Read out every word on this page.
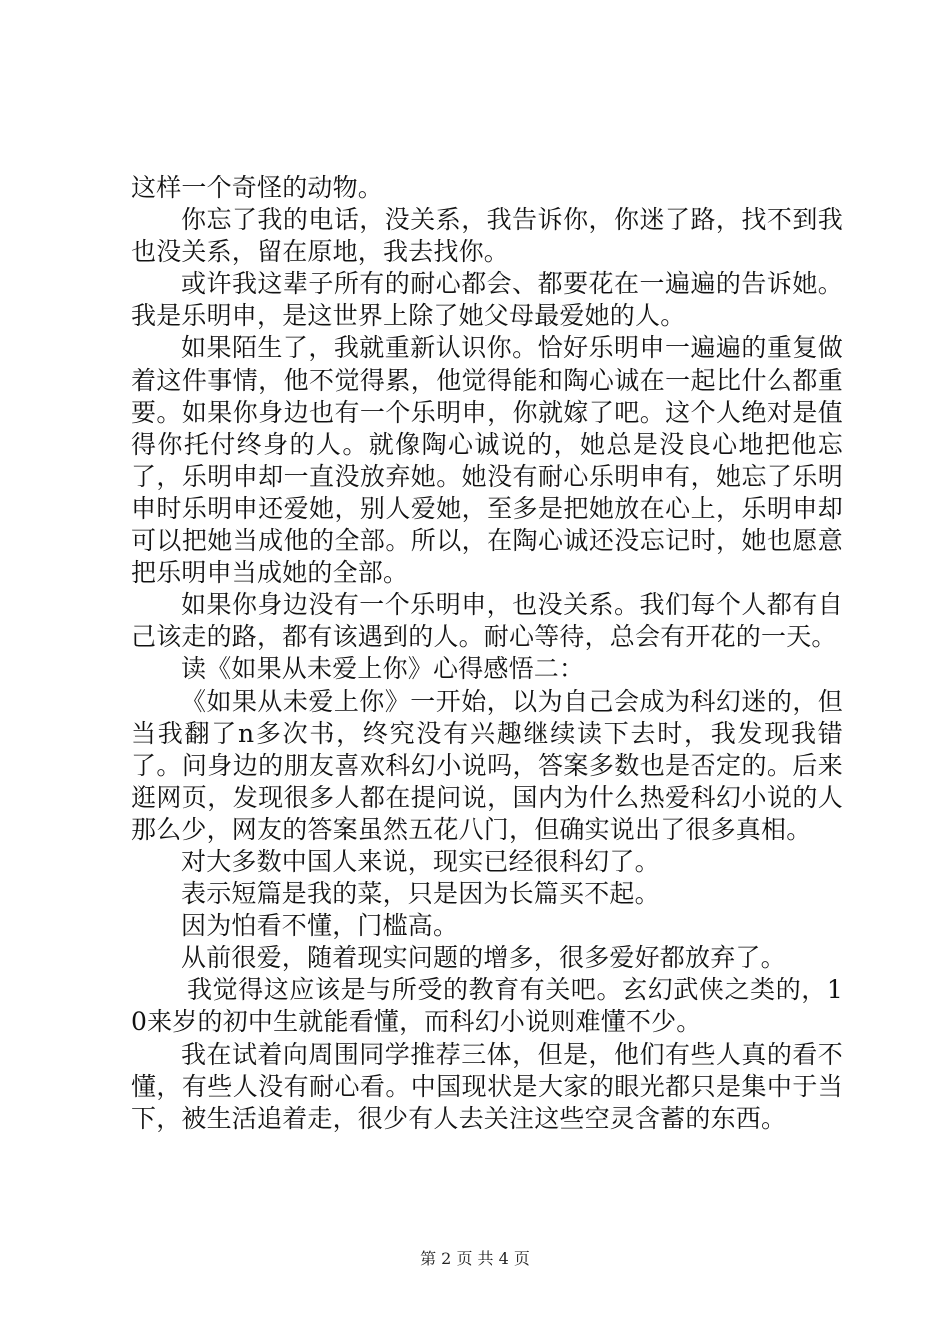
这样一个奇怪的动物。

你忘了我的电话，没关系，我告诉你，你迷了路，找不到我也没关系，留在原地，我去找你。

或许我这辈子所有的耐心都会、都要花在一遍遍的告诉她。我是乐明申，是这世界上除了她父母最爱她的人。

如果陌生了，我就重新认识你。恰好乐明申一遍遍的重复做着这件事情，他不觉得累，他觉得能和陶心诚在一起比什么都重要。如果你身边也有一个乐明申，你就嫁了吧。这个人绝对是值得你托付终身的人。就像陶心诚说的，她总是没良心地把他忘了，乐明申却一直没放弃她。她没有耐心乐明申有，她忘了乐明申时乐明申还爱她，别人爱她，至多是把她放在心上，乐明申却可以把她当成他的全部。所以，在陶心诚还没忘记时，她也愿意把乐明申当成她的全部。

如果你身边没有一个乐明申，也没关系。我们每个人都有自己该走的路，都有该遇到的人。耐心等待，总会有开花的一天。

读《如果从未爱上你》心得感悟二：

《如果从未爱上你》一开始，以为自己会成为科幻迷的，但当我翻了n多次书，终究没有兴趣继续读下去时，我发现我错了。问身边的朋友喜欢科幻小说吗，答案多数也是否定的。后来逛网页，发现很多人都在提问说，国内为什么热爱科幻小说的人那么少，网友的答案虽然五花八门，但确实说出了很多真相。

对大多数中国人来说，现实已经很科幻了。

表示短篇是我的菜，只是因为长篇买不起。

因为怕看不懂，门槛高。

从前很爱，随着现实问题的增多，很多爱好都放弃了。

我觉得这应该是与所受的教育有关吧。玄幻武侠之类的，10来岁的初中生就能看懂，而科幻小说则难懂不少。

我在试着向周围同学推荐三体，但是，他们有些人真的看不懂，有些人没有耐心看。中国现状是大家的眼光都只是集中于当下，被生活追着走，很少有人去关注这些空灵含蓄的东西。

第 2 页 共 4 页
